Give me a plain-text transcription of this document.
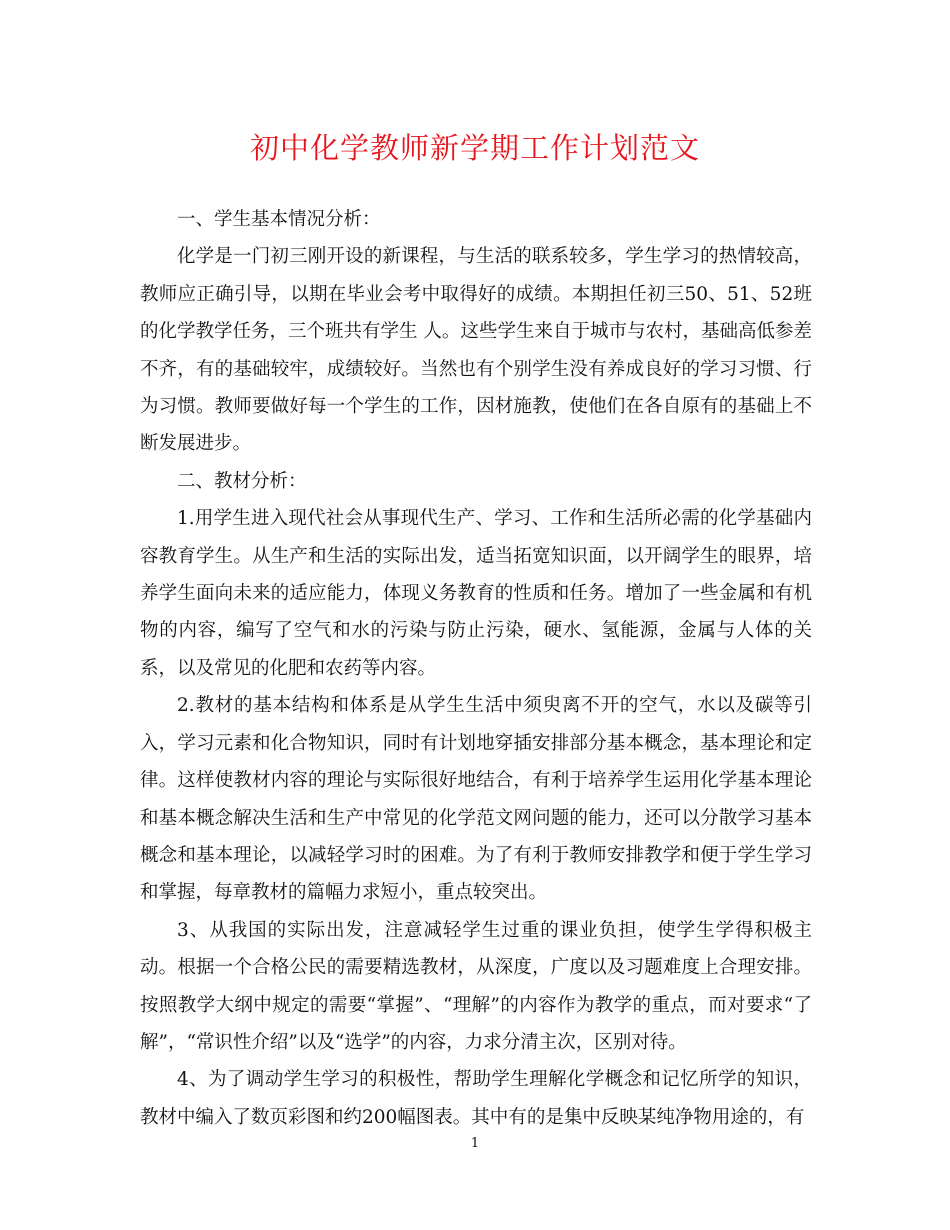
初中化学教师新学期工作计划范文

一、学生基本情况分析：

化学是一门初三刚开设的新课程，与生活的联系较多，学生学习的热情较高，教师应正确引导，以期在毕业会考中取得好的成绩。本期担任初三50、51、52班的化学教学任务，三个班共有学生 人。这些学生来自于城市与农村，基础高低参差不齐，有的基础较牢，成绩较好。当然也有个别学生没有养成良好的学习习惯、行为习惯。教师要做好每一个学生的工作，因材施教，使他们在各自原有的基础上不断发展进步。

二、教材分析：

1.用学生进入现代社会从事现代生产、学习、工作和生活所必需的化学基础内容教育学生。从生产和生活的实际出发，适当拓宽知识面，以开阔学生的眼界，培养学生面向未来的适应能力，体现义务教育的性质和任务。增加了一些金属和有机物的内容，编写了空气和水的污染与防止污染，硬水、氢能源，金属与人体的关系，以及常见的化肥和农药等内容。

2.教材的基本结构和体系是从学生生活中须臾离不开的空气，水以及碳等引入，学习元素和化合物知识，同时有计划地穿插安排部分基本概念，基本理论和定律。这样使教材内容的理论与实际很好地结合，有利于培养学生运用化学基本理论和基本概念解决生活和生产中常见的化学范文网问题的能力，还可以分散学习基本概念和基本理论，以减轻学习时的困难。为了有利于教师安排教学和便于学生学习和掌握，每章教材的篇幅力求短小，重点较突出。

3、从我国的实际出发，注意减轻学生过重的课业负担，使学生学得积极主动。根据一个合格公民的需要精选教材，从深度，广度以及习题难度上合理安排。按照教学大纲中规定的需要“掌握”、“理解”的内容作为教学的重点，而对要求“了解”，“常识性介绍”以及“选学”的内容，力求分清主次，区别对待。

4、为了调动学生学习的积极性，帮助学生理解化学概念和记忆所学的知识，教材中编入了数页彩图和约200幅图表。其中有的是集中反映某纯净物用途的，有

1
